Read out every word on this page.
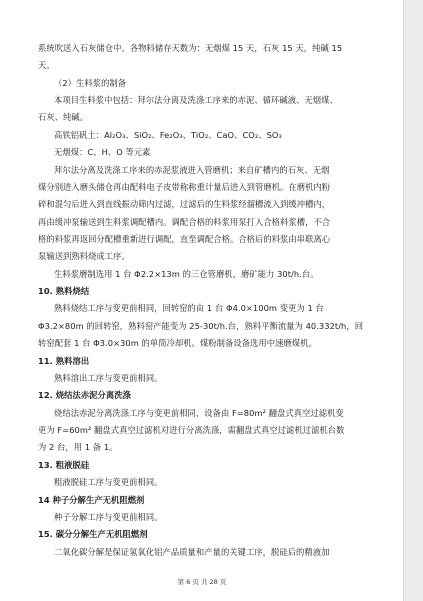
系统吹送入石灰储仓中。各物料储存天数为：无烟煤 15 天，石灰 15 天，纯碱 15
天。
（2）生料浆的制备
本项目生料浆中包括：拜尔法分离及洗涤工序来的赤泥、循环碱液、无烟煤、
石灰、纯碱。
高铁铝矾土：Al₂O₃、SiO₂、Fe₂O₃、TiO₂、CaO、CO₂、SO₃
无烟煤：C、H、O 等元素
拜尔法分离及洗涤工序来的赤泥浆液进入管磨机；来自矿槽内的石灰、无烟
煤分别进入磨头储仓再由配料电子皮带称称重计量后进入到管磨机。在磨机内粉
碎和混匀后进入到直线振动筛内过滤，过滤后的生料浆经溜槽流入到缓冲槽内，
再由缓冲泵输送到生料浆调配槽内。调配合格的料浆用泵打入合格料浆槽，不合
格的料浆再返回分配槽重新进行调配，直至调配合格。合格后的料浆由串联离心
泵输送到熟料烧成工序。
生料浆磨制选用 1 台 Φ2.2×13m 的三仓管磨机，磨矿能力 30t/h.台。
10. 熟料烧结
熟料烧结工序与变更前相同，回转窑的由 1 台 Φ4.0×100m 变更为 1 台
Φ3.2×80m 的回转窑，熟料窑产能变为 25-30t/h.台，熟料平衡流量为 40.332t/h，回
转窑配套 1 台 Φ3.0×30m 的单筒冷却机。煤粉制备设备选用中速磨煤机。
11. 熟料溶出
熟料溶出工序与变更前相同。
12. 烧结法赤泥分离洗涤
烧结法赤泥分离洗涤工序与变更前相同，设备由 F=80m² 翻盘式真空过滤机变
更为 F=60m² 翻盘式真空过滤机对进行分离洗涤，需翻盘式真空过滤机过滤机台数
为 2 台，用 1 备 1。
13. 粗液脱硅
粗液脱硅工序与变更前相同。
14 种子分解生产无机阻燃剂
种子分解工序与变更前相同。
15. 碳分分解生产无机阻燃剂
二氧化碳分解是保证氢氧化铝产品质量和产量的关键工序，脱硅后的精液加
第 6 页 共 28 页
